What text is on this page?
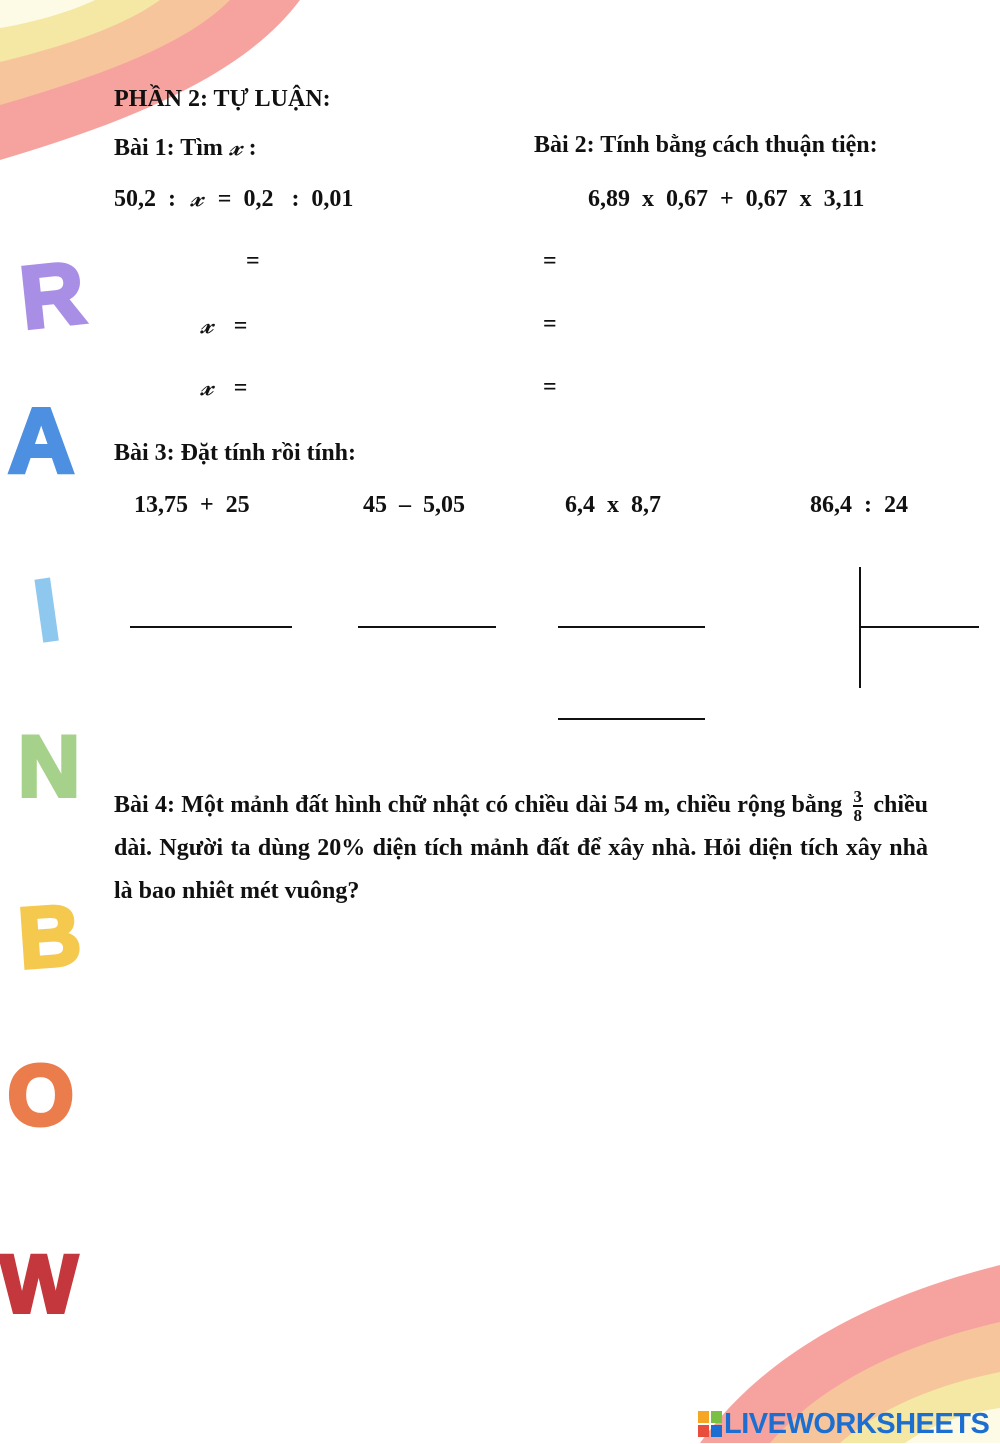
R
A
I
N
B
O
W
PHẦN 2: TỰ LUẬN:
Bài 1: Tìm 𝔁 :
50,2  : 𝔁 =  0,2   :  0,01
=
𝔁 =
𝔁 =
Bài 2: Tính bằng cách thuận tiện:
6,89  x  0,67  +  0,67  x  3,11
=
=
=
Bài 3: Đặt tính rồi tính:
13,75  +  25	45  –  5,05	6,4  x  8,7	86,4  :  24
Bài 4: Một mảnh đất hình chữ nhật có chiều dài 54 m, chiều rộng bằng $\frac{3}{8}$ chiều dài. Người ta dùng 20% diện tích mảnh đất để xây nhà. Hỏi diện tích xây nhà là bao nhiêt mét vuông?
LIVEWORKSHEETS
